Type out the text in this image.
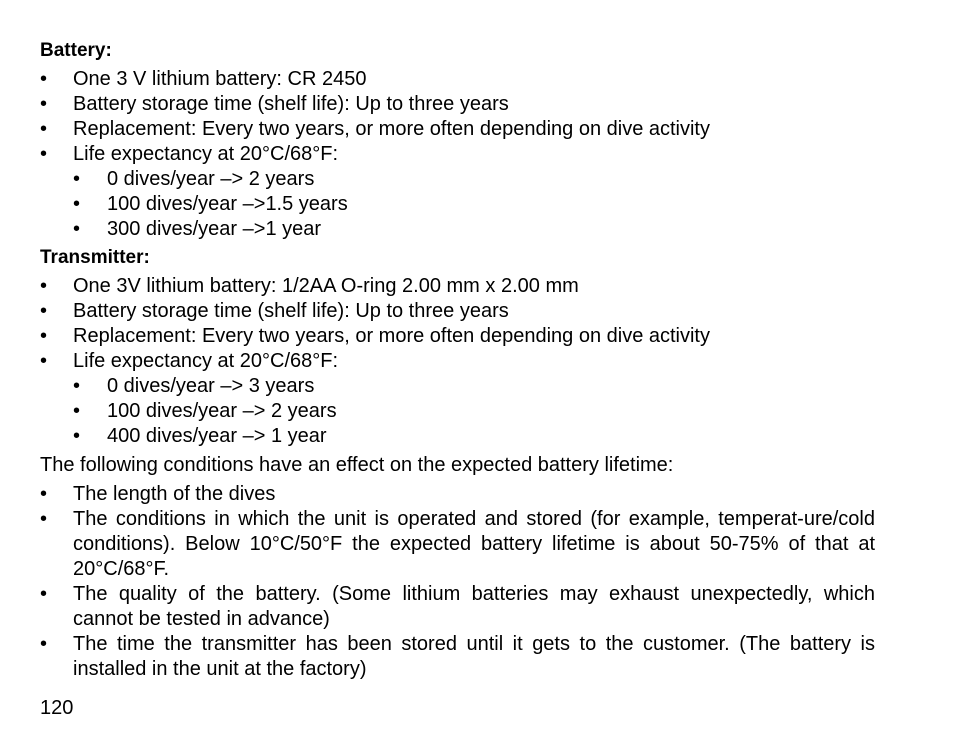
Battery:
• One 3 V lithium battery: CR 2450
• Battery storage time (shelf life): Up to three years
• Replacement: Every two years, or more often depending on dive activity
• Life expectancy at 20°C/68°F:
• 0 dives/year –> 2 years
• 100 dives/year –>1.5 years
• 300 dives/year –>1 year
Transmitter:
• One 3V lithium battery: 1/2AA O-ring 2.00 mm x 2.00 mm
• Battery storage time (shelf life): Up to three years
• Replacement: Every two years, or more often depending on dive activity
• Life expectancy at 20°C/68°F:
• 0 dives/year –> 3 years
• 100 dives/year –> 2 years
• 400 dives/year –> 1 year
The following conditions have an effect on the expected battery lifetime:
• The length of the dives
• The conditions in which the unit is operated and stored (for example, temperat-ure/cold conditions). Below 10°C/50°F the expected battery lifetime is about 50-75% of that at 20°C/68°F.
• The quality of the battery. (Some lithium batteries may exhaust unexpectedly, which cannot be tested in advance)
• The time the transmitter has been stored until it gets to the customer. (The battery is installed in the unit at the factory)
120
